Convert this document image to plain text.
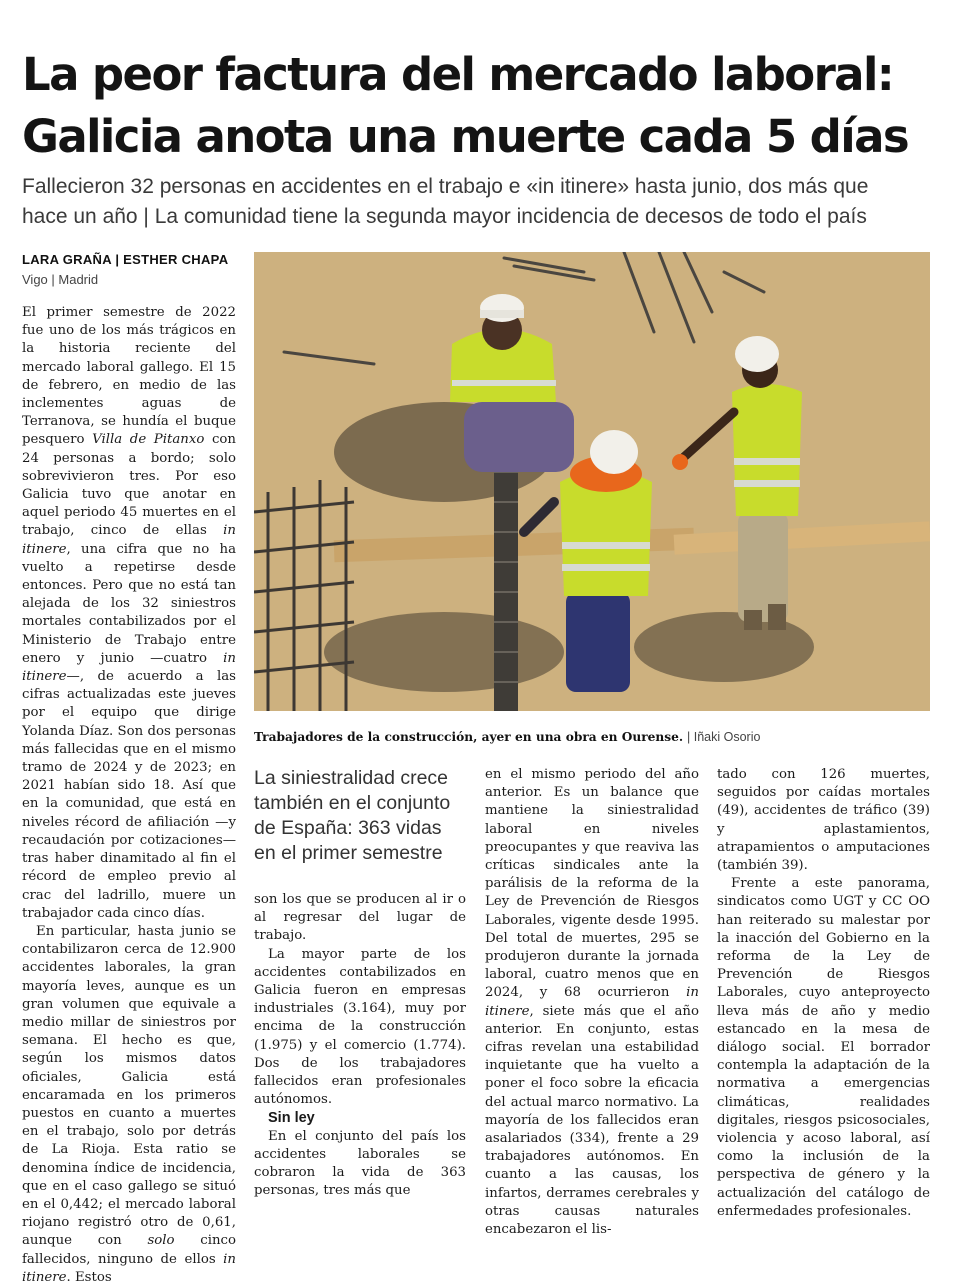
La peor factura del mercado laboral:
Galicia anota una muerte cada 5 días
Fallecieron 32 personas en accidentes en el trabajo e «in itinere» hasta junio, dos más que
hace un año | La comunidad tiene la segunda mayor incidencia de decesos de todo el país
LARA GRAÑA | ESTHER CHAPA
Vigo | Madrid
Trabajadores de la construcción, ayer en una obra en Ourense. | Iñaki Osorio

El primer semestre de 2022 fue uno de los más trágicos en la historia reciente del mercado laboral gallego. El 15 de febrero, en medio de las inclementes aguas de Terranova, se hundía el buque pesquero Villa de Pitanxo con 24 personas a bordo; solo sobrevivieron tres. Por eso Galicia tuvo que anotar en aquel periodo 45 muertes en el trabajo, cinco de ellas in itinere, una cifra que no ha vuelto a repetirse desde entonces. Pero que no está tan alejada de los 32 siniestros mortales contabilizados por el Ministerio de Trabajo entre enero y junio —cuatro in itinere—, de acuerdo a las cifras actualizadas este jueves por el equipo que dirige Yolanda Díaz. Son dos personas más fallecidas que en el mismo tramo de 2024 y de 2023; en 2021 habían sido 18. Así que en la comunidad, que está en niveles récord de afiliación —y recaudación por cotizaciones— tras haber dinamitado al fin el récord de empleo previo al crac del ladrillo, muere un trabajador cada cinco días.

En particular, hasta junio se contabilizaron cerca de 12.900 accidentes laborales, la gran mayoría leves, aunque es un gran volumen que equivale a medio millar de siniestros por semana. El hecho es que, según los mismos datos oficiales, Galicia está encaramada en los primeros puestos en cuanto a muertes en el trabajo, solo por detrás de La Rioja. Esta ratio se denomina índice de incidencia, que en el caso gallego se situó en el 0,442; el mercado laboral riojano registró otro de 0,61, aunque con solo cinco fallecidos, ninguno de ellos in itinere. Estos

La siniestralidad crece también en el conjunto de España: 363 vidas en el primer semestre

son los que se producen al ir o al regresar del lugar de trabajo.

La mayor parte de los accidentes contabilizados en Galicia fueron en empresas industriales (3.164), muy por encima de la construcción (1.975) y el comercio (1.774). Dos de los trabajadores fallecidos eran profesionales autónomos.

Sin ley

En el conjunto del país los accidentes laborales se cobraron la vida de 363 personas, tres más que

en el mismo periodo del año anterior. Es un balance que mantiene la siniestralidad laboral en niveles preocupantes y que reaviva las críticas sindicales ante la parálisis de la reforma de la Ley de Prevención de Riesgos Laborales, vigente desde 1995. Del total de muertes, 295 se produjeron durante la jornada laboral, cuatro menos que en 2024, y 68 ocurrieron in itinere, siete más que el año anterior. En conjunto, estas cifras revelan una estabilidad inquietante que ha vuelto a poner el foco sobre la eficacia del actual marco normativo. La mayoría de los fallecidos eran asalariados (334), frente a 29 trabajadores autónomos. En cuanto a las causas, los infartos, derrames cerebrales y otras causas naturales encabezaron el lis-

tado con 126 muertes, seguidos por caídas mortales (49), accidentes de tráfico (39) y aplastamientos, atrapamientos o amputaciones (también 39).

Frente a este panorama, sindicatos como UGT y CC OO han reiterado su malestar por la inacción del Gobierno en la reforma de la Ley de Prevención de Riesgos Laborales, cuyo anteproyecto lleva más de año y medio estancado en la mesa de diálogo social. El borrador contempla la adaptación de la normativa a emergencias climáticas, realidades digitales, riesgos psicosociales, violencia y acoso laboral, así como la inclusión de la perspectiva de género y la actualización del catálogo de enfermedades profesionales.
